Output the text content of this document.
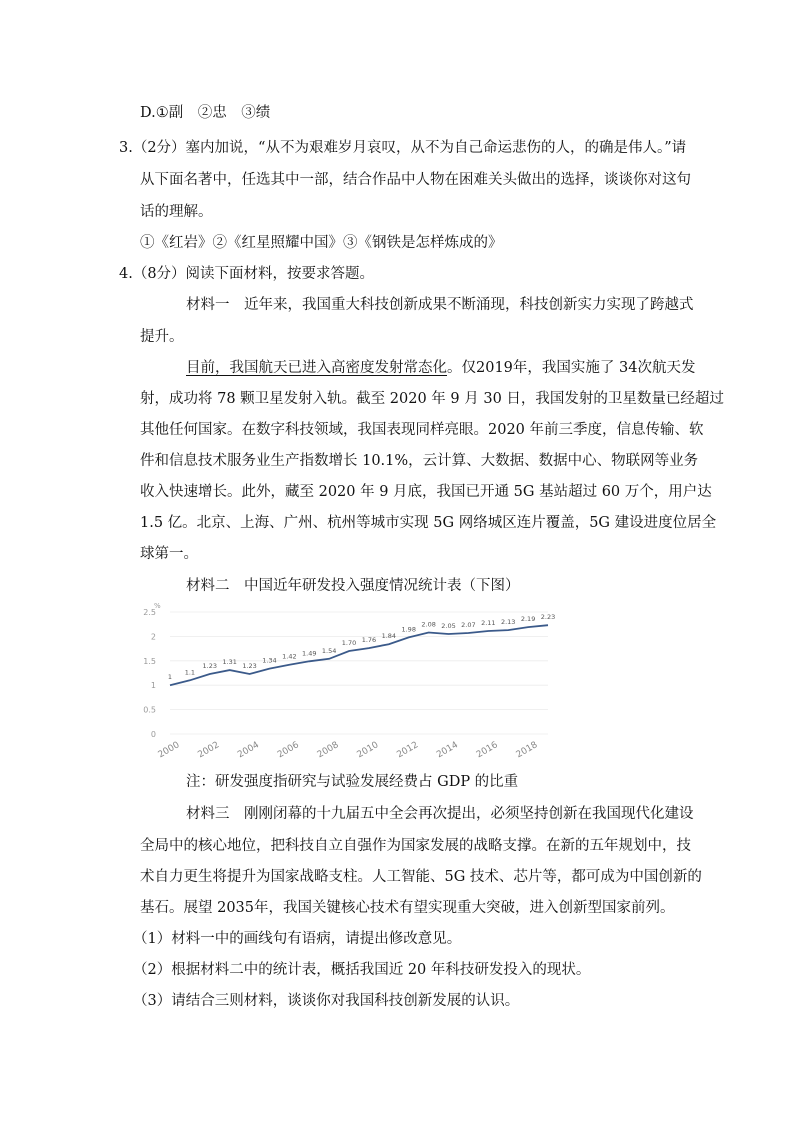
D.①副　②忠　③绩
3.（2分）塞内加说，“从不为艰难岁月哀叹，从不为自己命运悲伤的人，的确是伟人。”请
从下面名著中，任选其中一部，结合作品中人物在困难关头做出的选择，谈谈你对这句
话的理解。
①《红岩》②《红星照耀中国》③《钢铁是怎样炼成的》
4.（8分）阅读下面材料，按要求答题。
材料一　近年来，我国重大科技创新成果不断涌现，科技创新实力实现了跨越式
提升。
目前，我国航天已进入高密度发射常态化。仅2019年，我国实施了 34次航天发
射，成功将 78 颗卫星发射入轨。截至 2020 年 9 月 30 日，我国发射的卫星数量已经超过
其他任何国家。在数字科技领域，我国表现同样亮眼。2020 年前三季度，信息传输、软
件和信息技术服务业生产指数增长 10.1%，云计算、大数据、数据中心、物联网等业务
收入快速增长。此外，藏至 2020 年 9 月底，我国已开通 5G 基站超过 60 万个，用户达
1.5 亿。北京、上海、广州、杭州等城市实现 5G 网络城区连片覆盖，5G 建设进度位居全
球第一。
材料二　中国近年研发投入强度情况统计表（下图）
0
0.5
1
1.5
2
2.5
%
1
1.1
1.23 1.31 1.23
1.34 1.42 1.49 1.54
1.70 1.76 1.84
1.98
2.08 2.05 2.07 2.11 2.13 2.19 2.23
2000 2002 2004 2006 2008 2010 2012 2014 2016 2018
注：研发强度指研究与试验发展经费占 GDP 的比重
材料三　刚刚闭幕的十九届五中全会再次提出，必须坚持创新在我国现代化建设
全局中的核心地位，把科技自立自强作为国家发展的战略支撑。在新的五年规划中，技
术自力更生将提升为国家战略支柱。人工智能、5G 技术、芯片等，都可成为中国创新的
基石。展望 2035年，我国关键核心技术有望实现重大突破，进入创新型国家前列。
（1）材料一中的画线句有语病，请提出修改意见。
（2）根据材料二中的统计表，概括我国近 20 年科技研发投入的现状。
（3）请结合三则材料，谈谈你对我国科技创新发展的认识。
